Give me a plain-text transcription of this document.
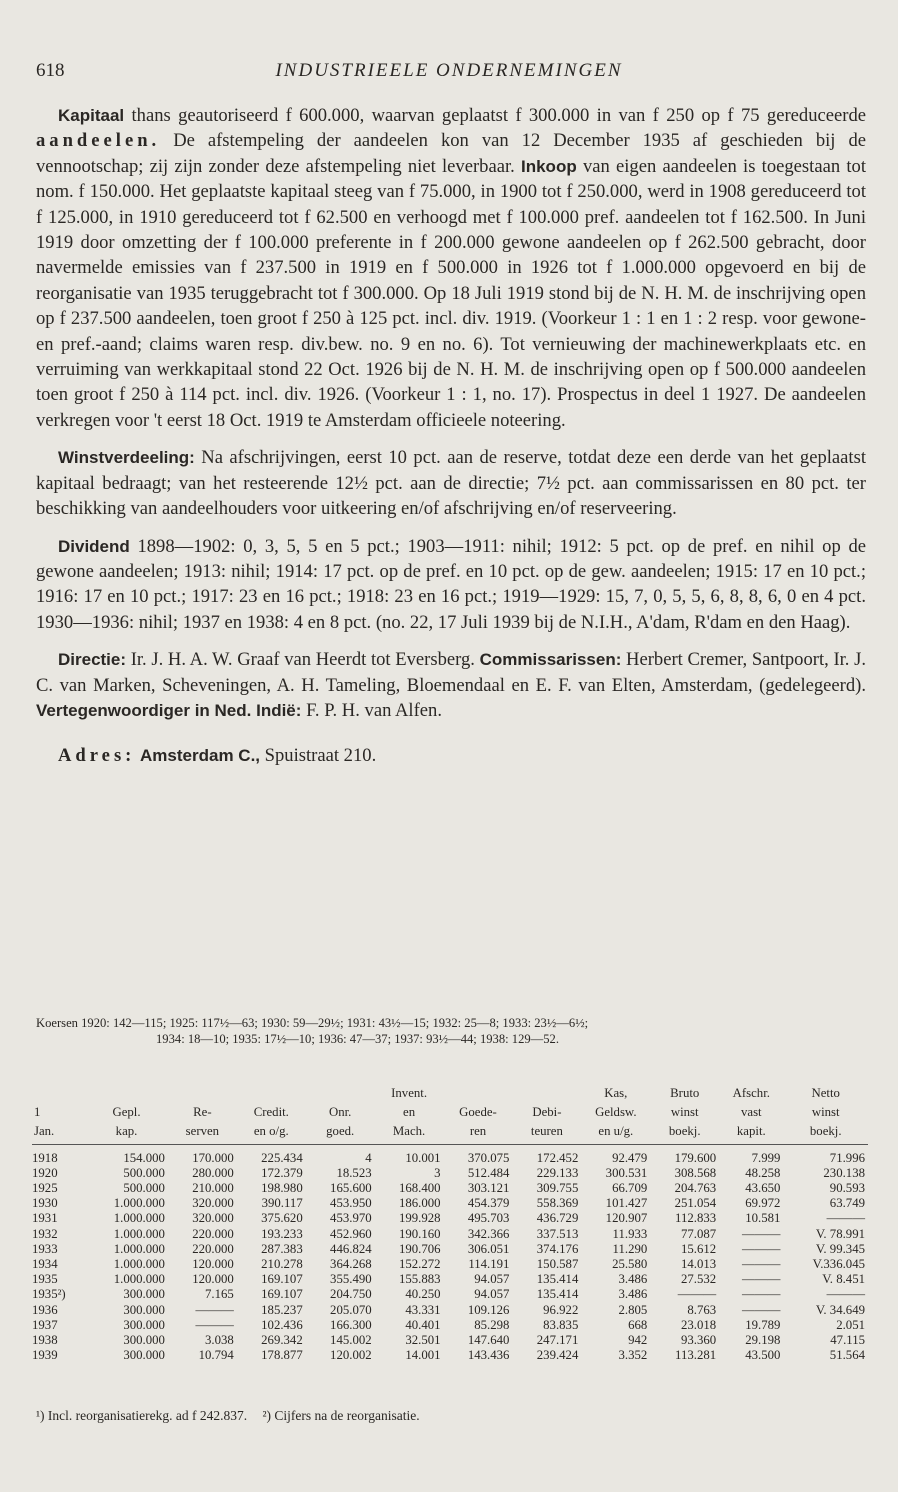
618	INDUSTRIEELE ONDERNEMINGEN

Kapitaal thans geautoriseerd f 600.000, waarvan geplaatst f 300.000 in van f 250 op f 75 gereduceerde aandeelen. De afstempeling der aandeelen kon van 12 December 1935 af geschieden bij de vennootschap; zij zijn zonder deze afstempeling niet leverbaar. Inkoop van eigen aandeelen is toegestaan tot nom. f 150.000. Het geplaatste kapitaal steeg van f 75.000, in 1900 tot f 250.000, werd in 1908 gereduceerd tot f 125.000, in 1910 gereduceerd tot f 62.500 en verhoogd met f 100.000 pref. aandeelen tot f 162.500. In Juni 1919 door omzetting der f 100.000 preferente in f 200.000 gewone aandeelen op f 262.500 gebracht, door navermelde emissies van f 237.500 in 1919 en f 500.000 in 1926 tot f 1.000.000 opgevoerd en bij de reorganisatie van 1935 teruggebracht tot f 300.000. Op 18 Juli 1919 stond bij de N. H. M. de inschrijving open op f 237.500 aandeelen, toen groot f 250 à 125 pct. incl. div. 1919. (Voorkeur 1 : 1 en 1 : 2 resp. voor gewone- en pref.-aand; claims waren resp. div.bew. no. 9 en no. 6). Tot vernieuwing der machinewerkplaats etc. en verruiming van werkkapitaal stond 22 Oct. 1926 bij de N. H. M. de inschrijving open op f 500.000 aandeelen toen groot f 250 à 114 pct. incl. div. 1926. (Voorkeur 1 : 1, no. 17). Prospectus in deel 1 1927. De aandeelen verkregen voor 't eerst 18 Oct. 1919 te Amsterdam officieele noteering.

Winstverdeeling: Na afschrijvingen, eerst 10 pct. aan de reserve, totdat deze een derde van het geplaatst kapitaal bedraagt; van het resteerende 12½ pct. aan de directie; 7½ pct. aan commissarissen en 80 pct. ter beschikking van aandeelhouders voor uitkeering en/of afschrijving en/of reserveering.

Dividend 1898—1902: 0, 3, 5, 5 en 5 pct.; 1903—1911: nihil; 1912: 5 pct. op de pref. en nihil op de gewone aandeelen; 1913: nihil; 1914: 17 pct. op de pref. en 10 pct. op de gew. aandeelen; 1915: 17 en 10 pct.; 1916: 17 en 10 pct.; 1917: 23 en 16 pct.; 1918: 23 en 16 pct.; 1919—1929: 15, 7, 0, 5, 5, 6, 8, 8, 6, 0 en 4 pct. 1930—1936: nihil; 1937 en 1938: 4 en 8 pct. (no. 22, 17 Juli 1939 bij de N.I.H., A'dam, R'dam en den Haag).

Directie: Ir. J. H. A. W. Graaf van Heerdt tot Eversberg. Commissarissen: Herbert Cremer, Santpoort, Ir. J. C. van Marken, Scheveningen, A. H. Tameling, Bloemendaal en E. F. van Elten, Amsterdam, (gedelegeerd). Vertegenwoordiger in Ned. Indië: F. P. H. van Alfen.

Adres: Amsterdam C., Spuistraat 210.

Koersen 1920: 142—115; 1925: 117½—63; 1930: 59—29½; 1931: 43½—15; 1932: 25—8; 1933: 23½—6½;
1934: 18—10; 1935: 17½—10; 1936: 47—37; 1937: 93½—44; 1938: 129—52.
					Invent.			Kas,	Bruto	Afschr.	Netto
1	Gepl.	Re-	Credit.	Onr.	en	Goede-	Debi-	Geldsw.	winst	vast	winst
Jan.	kap.	serven	en o/g.	goed.	Mach.	ren	teuren	en u/g.	boekj.	kapit.	boekj.
1918	154.000	170.000	225.434	4	10.001	370.075	172.452	92.479	179.600	7.999	71.996
1920	500.000	280.000	172.379	18.523	3	512.484	229.133	300.531	308.568	48.258	230.138
1925	500.000	210.000	198.980	165.600	168.400	303.121	309.755	66.709	204.763	43.650	90.593
1930	1.000.000	320.000	390.117	453.950	186.000	454.379	558.369	101.427	251.054	69.972	63.749
1931	1.000.000	320.000	375.620	453.970	199.928	495.703	436.729	120.907	112.833	10.581	———
1932	1.000.000	220.000	193.233	452.960	190.160	342.366	337.513	11.933	77.087	———	V. 78.991
1933	1.000.000	220.000	287.383	446.824	190.706	306.051	374.176	11.290	15.612	———	V. 99.345
1934	1.000.000	120.000	210.278	364.268	152.272	114.191	150.587	25.580	14.013	———	V.336.045
1935	1.000.000	120.000	169.107	355.490	155.883	94.057	135.414	3.486	27.532	———	V. 8.451
1935²)	300.000	7.165	169.107	204.750	40.250	94.057	135.414	3.486	———	———	———
1936	300.000	———	185.237	205.070	43.331	109.126	96.922	2.805	8.763	———	V. 34.649
1937	300.000	———	102.436	166.300	40.401	85.298	83.835	668	23.018	19.789	2.051
1938	300.000	3.038	269.342	145.002	32.501	147.640	247.171	942	93.360	29.198	47.115
1939	300.000	10.794	178.877	120.002	14.001	143.436	239.424	3.352	113.281	43.500	51.564
¹) Incl. reorganisatierekg. ad f 242.837. ²) Cijfers na de reorganisatie.
